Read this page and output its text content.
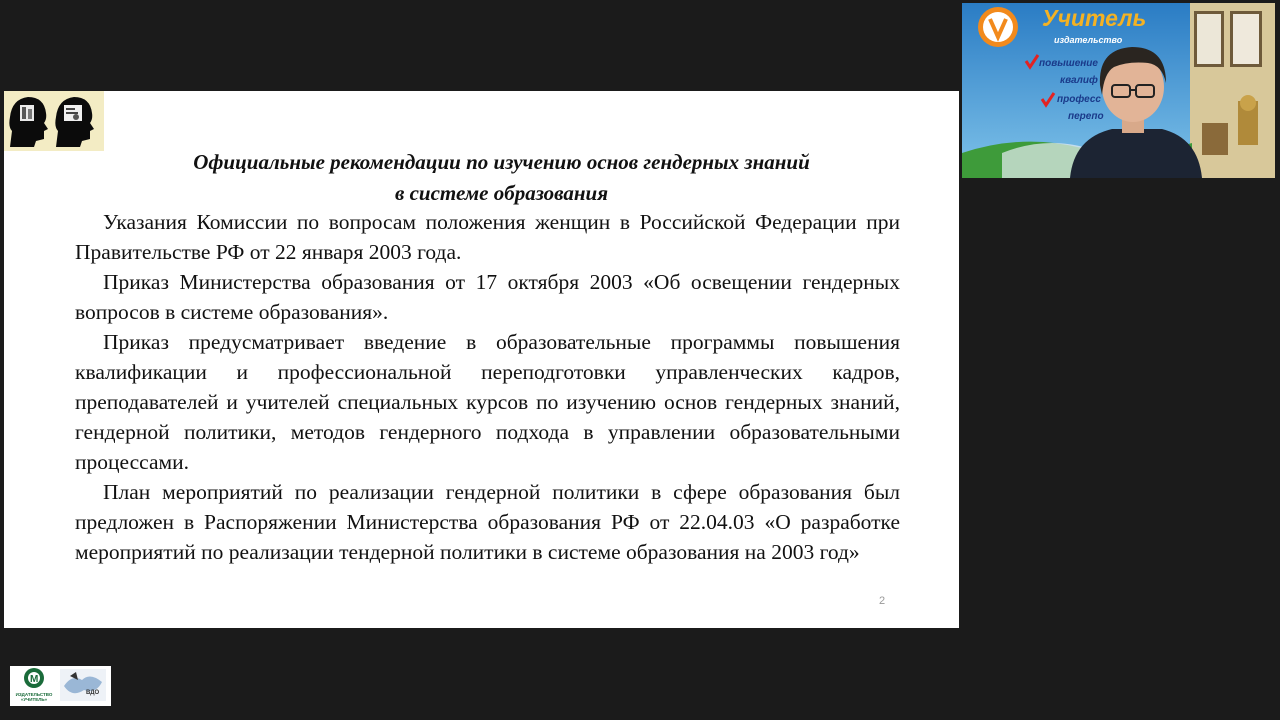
Официальные рекомендации по изучению основ гендерных знаний
в системе образования

Указания Комиссии по вопросам положения женщин в Российской Федерации при Правительстве РФ от 22 января 2003 года.

Приказ Министерства образования от 17 октября 2003 «Об освещении гендерных вопросов в системе образования».

Приказ предусматривает введение в образовательные программы повышения квалификации и профессиональной переподготовки управленческих кадров, преподавателей и учителей специальных курсов по изучению основ гендерных знаний, гендерной политики, методов гендерного подхода в управлении образовательными процессами.

План мероприятий по реализации гендерной политики в сфере образования был предложен в Распоряжении Министерства образования РФ от 22.04.03 «О разработке мероприятий по реализации тендерной политики в системе образования на 2003 год»

2
Учитель
издательство
повышение
квалиф
професс
перепо
M
ИЗДАТЕЛЬСТВО
«УЧИТЕЛЬ»
ВДО
